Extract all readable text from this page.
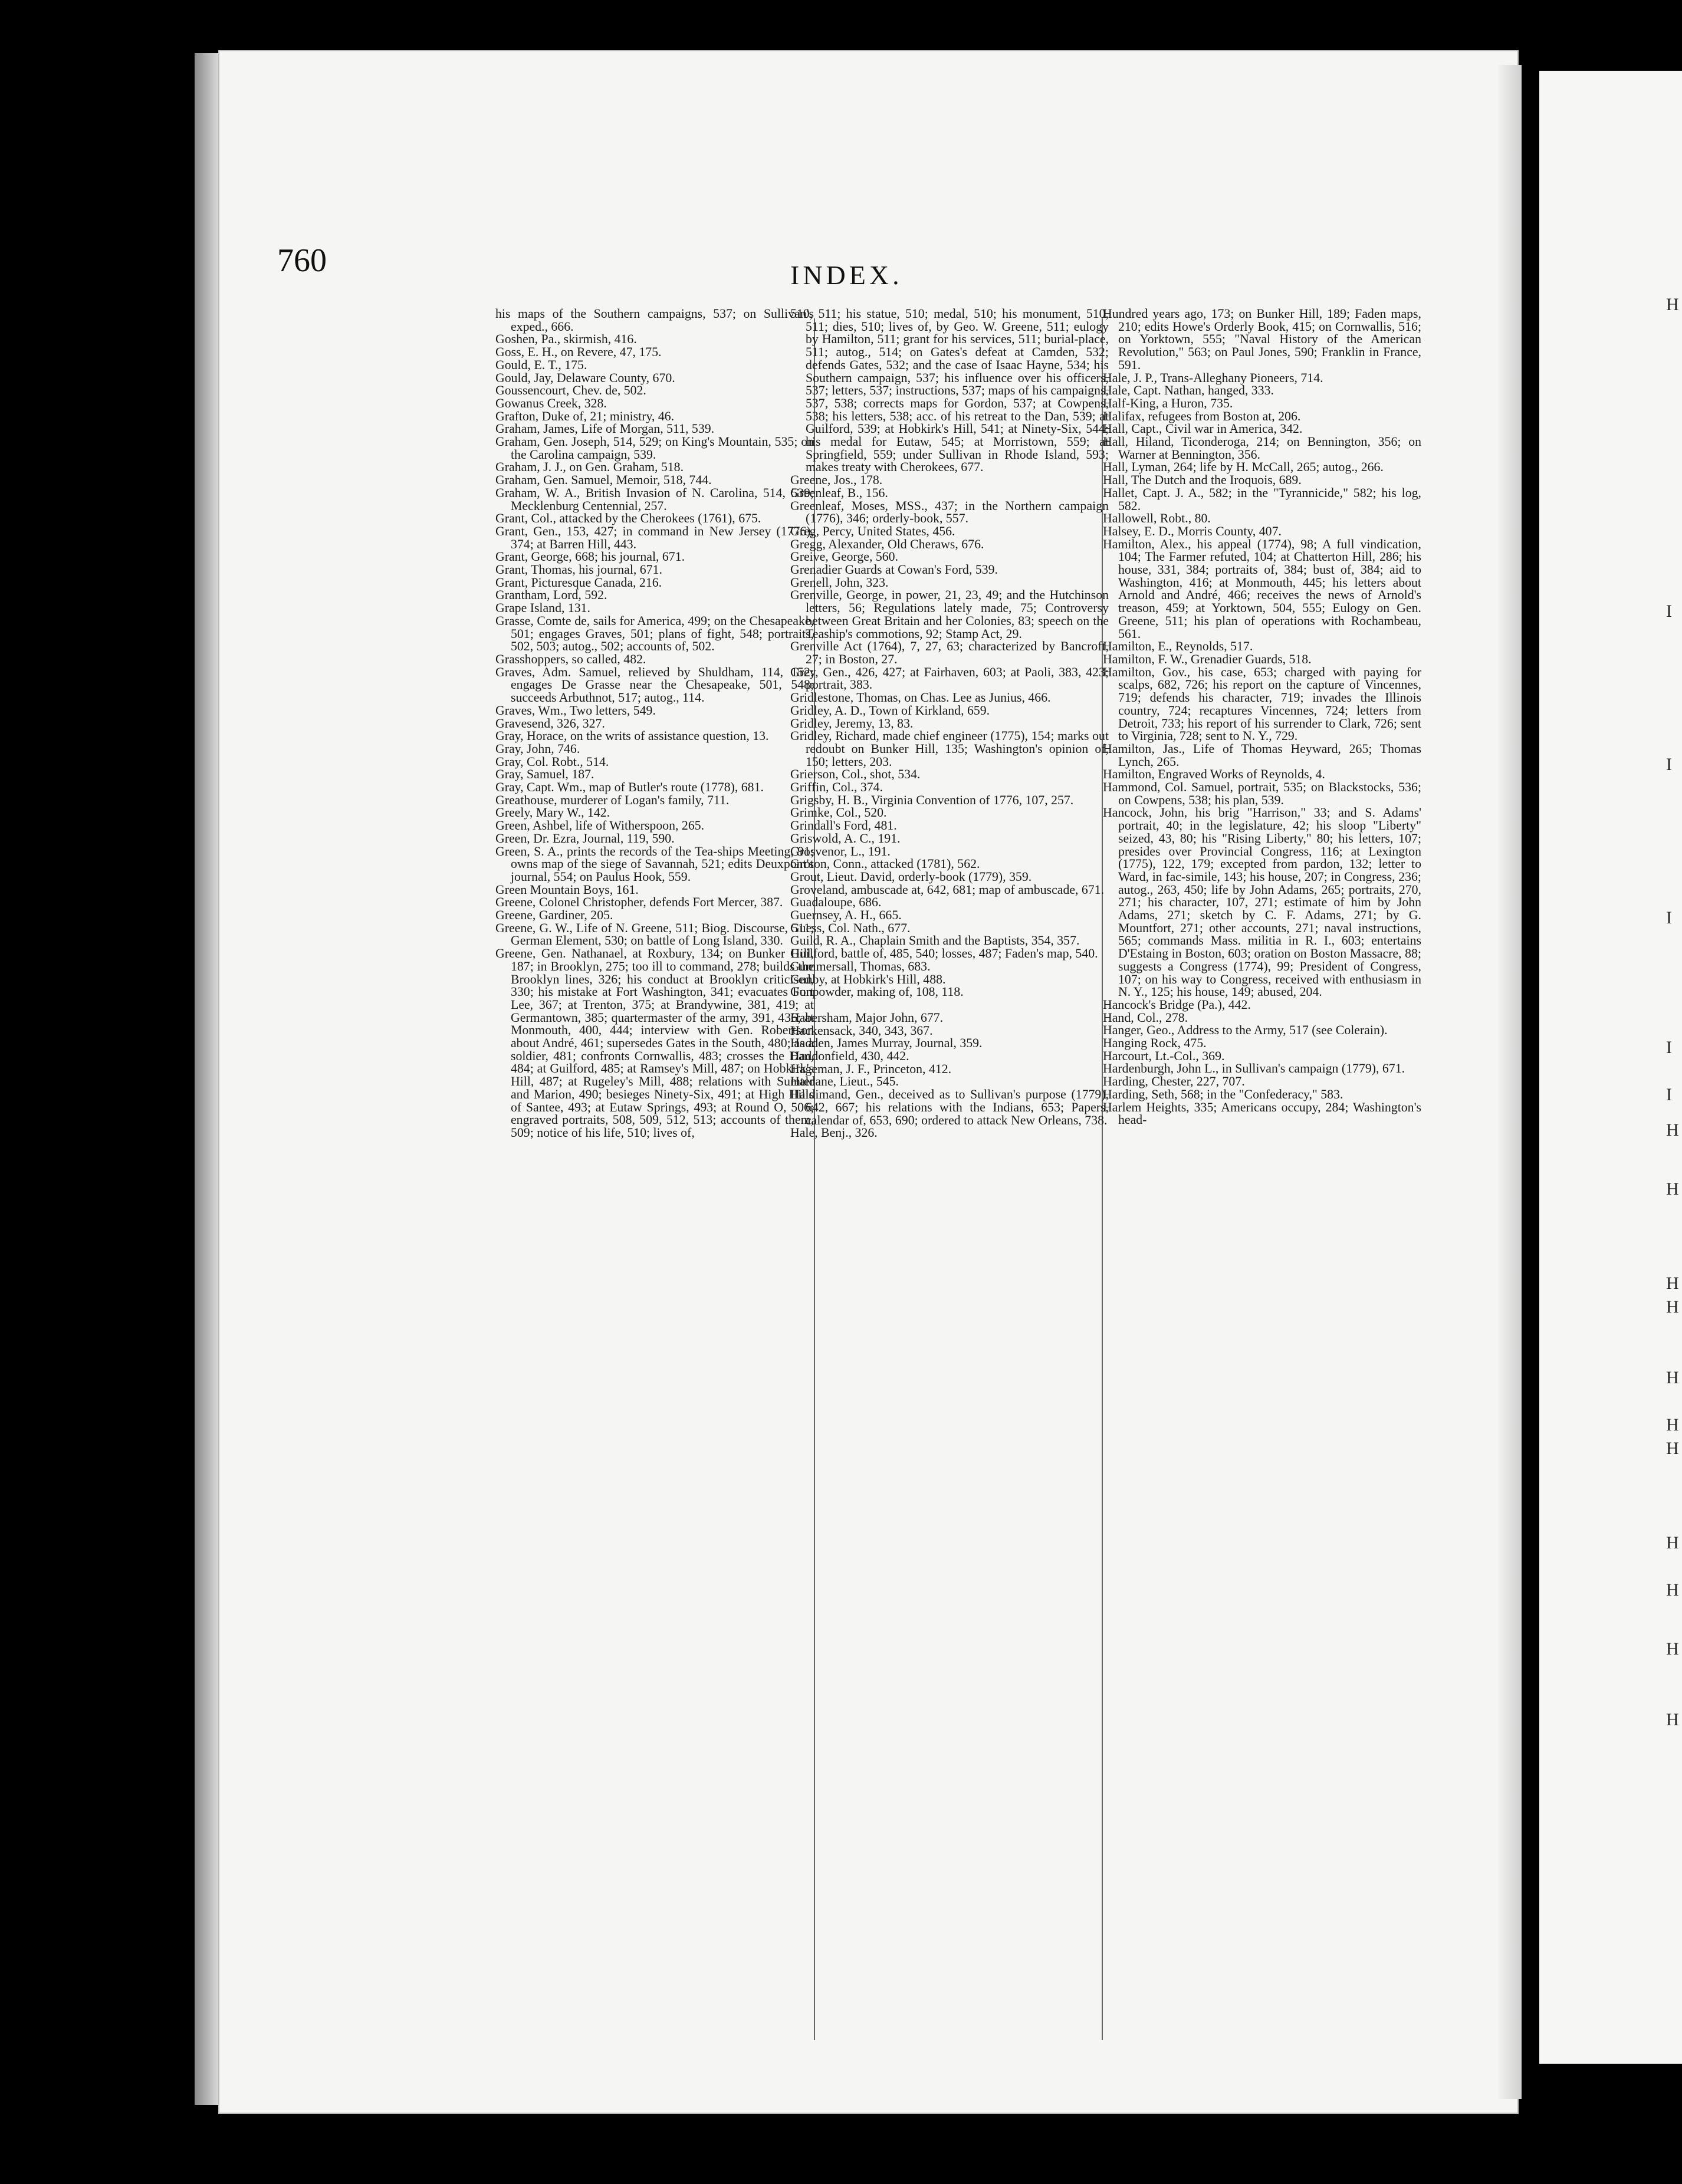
H
I
I
I
I
I
H
H
H
H
H
H
H
H
H
H
H
760	INDEX.

his maps of the Southern campaigns, 537; on Sullivan's exped., 666.

Goshen, Pa., skirmish, 416.

Goss, E. H., on Revere, 47, 175.

Gould, E. T., 175.

Gould, Jay, Delaware County, 670.

Goussencourt, Chev. de, 502.

Gowanus Creek, 328.

Grafton, Duke of, 21; ministry, 46.

Graham, James, Life of Morgan, 511, 539.

Graham, Gen. Joseph, 514, 529; on King's Mountain, 535; on the Carolina campaign, 539.

Graham, J. J., on Gen. Graham, 518.

Graham, Gen. Samuel, Memoir, 518, 744.

Graham, W. A., British Invasion of N. Carolina, 514, 539; Mecklenburg Centennial, 257.

Grant, Col., attacked by the Cherokees (1761), 675.

Grant, Gen., 153, 427; in command in New Jersey (1776), 374; at Barren Hill, 443.

Grant, George, 668; his journal, 671.

Grant, Thomas, his journal, 671.

Grant, Picturesque Canada, 216.

Grantham, Lord, 592.

Grape Island, 131.

Grasse, Comte de, sails for America, 499; on the Chesapeake, 501; engages Graves, 501; plans of fight, 548; portraits, 502, 503; autog., 502; accounts of, 502.

Grasshoppers, so called, 482.

Graves, Adm. Samuel, relieved by Shuldham, 114, 152; engages De Grasse near the Chesapeake, 501, 548; succeeds Arbuthnot, 517; autog., 114.

Graves, Wm., Two letters, 549.

Gravesend, 326, 327.

Gray, Horace, on the writs of assistance question, 13.

Gray, John, 746.

Gray, Col. Robt., 514.

Gray, Samuel, 187.

Gray, Capt. Wm., map of Butler's route (1778), 681.

Greathouse, murderer of Logan's family, 711.

Greely, Mary W., 142.

Green, Ashbel, life of Witherspoon, 265.

Green, Dr. Ezra, Journal, 119, 590.

Green, S. A., prints the records of the Tea-ships Meeting, 91; owns map of the siege of Savannah, 521; edits Deuxpont's journal, 554; on Paulus Hook, 559.

Green Mountain Boys, 161.

Greene, Colonel Christopher, defends Fort Mercer, 387.

Greene, Gardiner, 205.

Greene, G. W., Life of N. Greene, 511; Biog. Discourse, 511; German Element, 530; on battle of Long Island, 330.

Greene, Gen. Nathanael, at Roxbury, 134; on Bunker Hill, 187; in Brooklyn, 275; too ill to command, 278; builds the Brooklyn lines, 326; his conduct at Brooklyn criticised, 330; his mistake at Fort Washington, 341; evacuates Fort Lee, 367; at Trenton, 375; at Brandywine, 381, 419; at Germantown, 385; quartermaster of the army, 391, 436; at Monmouth, 400, 444; interview with Gen. Robertson about André, 461; supersedes Gates in the South, 480; as a soldier, 481; confronts Cornwallis, 483; crosses the Dan, 484; at Guilford, 485; at Ramsey's Mill, 487; on Hobkirk's Hill, 487; at Rugeley's Mill, 488; relations with Sumter and Marion, 490; besieges Ninety-Six, 491; at High Hills of Santee, 493; at Eutaw Springs, 493; at Round O, 506; engraved portraits, 508, 509, 512, 513; accounts of them, 509; notice of his life, 510; lives of,

510, 511; his statue, 510; medal, 510; his monument, 510, 511; dies, 510; lives of, by Geo. W. Greene, 511; eulogy by Hamilton, 511; grant for his services, 511; burial-place, 511; autog., 514; on Gates's defeat at Camden, 532; defends Gates, 532; and the case of Isaac Hayne, 534; his Southern campaign, 537; his influence over his officers, 537; letters, 537; instructions, 537; maps of his campaigns, 537, 538; corrects maps for Gordon, 537; at Cowpens, 538; his letters, 538; acc. of his retreat to the Dan, 539; at Guilford, 539; at Hobkirk's Hill, 541; at Ninety-Six, 544; his medal for Eutaw, 545; at Morristown, 559; at Springfield, 559; under Sullivan in Rhode Island, 593; makes treaty with Cherokees, 677.

Greene, Jos., 178.

Greenleaf, B., 156.

Greenleaf, Moses, MSS., 437; in the Northern campaign (1776), 346; orderly-book, 557.

Greg, Percy, United States, 456.

Gregg, Alexander, Old Cheraws, 676.

Greive, George, 560.

Grenadier Guards at Cowan's Ford, 539.

Grenell, John, 323.

Grenville, George, in power, 21, 23, 49; and the Hutchinson letters, 56; Regulations lately made, 75; Controversy between Great Britain and her Colonies, 83; speech on the Teaship's commotions, 92; Stamp Act, 29.

Grenville Act (1764), 7, 27, 63; characterized by Bancroft, 27; in Boston, 27.

Grey, Gen., 426, 427; at Fairhaven, 603; at Paoli, 383, 423; portrait, 383.

Gridlestone, Thomas, on Chas. Lee as Junius, 466.

Gridley, A. D., Town of Kirkland, 659.

Gridley, Jeremy, 13, 83.

Gridley, Richard, made chief engineer (1775), 154; marks out redoubt on Bunker Hill, 135; Washington's opinion of, 150; letters, 203.

Grierson, Col., shot, 534.

Griffin, Col., 374.

Grigsby, H. B., Virginia Convention of 1776, 107, 257.

Grimke, Col., 520.

Grindall's Ford, 481.

Griswold, A. C., 191.

Grosvenor, L., 191.

Groton, Conn., attacked (1781), 562.

Grout, Lieut. David, orderly-book (1779), 359.

Groveland, ambuscade at, 642, 681; map of ambuscade, 671.

Guadaloupe, 686.

Guernsey, A. H., 665.

Guess, Col. Nath., 677.

Guild, R. A., Chaplain Smith and the Baptists, 354, 357.

Guilford, battle of, 485, 540; losses, 487; Faden's map, 540.

Gummersall, Thomas, 683.

Gunby, at Hobkirk's Hill, 488.

Gunpowder, making of, 108, 118.

Habersham, Major John, 677.

Hackensack, 340, 343, 367.

Hadden, James Murray, Journal, 359.

Haddonfield, 430, 442.

Hageman, J. F., Princeton, 412.

Haldane, Lieut., 545.

Haldimand, Gen., deceived as to Sullivan's purpose (1779), 642, 667; his relations with the Indians, 653; Papers, calendar of, 653, 690; ordered to attack New Orleans, 738.

Hale, Benj., 326.

Hundred years ago, 173; on Bunker Hill, 189; Faden maps, 210; edits Howe's Orderly Book, 415; on Cornwallis, 516; on Yorktown, 555; "Naval History of the American Revolution," 563; on Paul Jones, 590; Franklin in France, 591.

Hale, J. P., Trans-Alleghany Pioneers, 714.

Hale, Capt. Nathan, hanged, 333.

Half-King, a Huron, 735.

Halifax, refugees from Boston at, 206.

Hall, Capt., Civil war in America, 342.

Hall, Hiland, Ticonderoga, 214; on Bennington, 356; on Warner at Bennington, 356.

Hall, Lyman, 264; life by H. McCall, 265; autog., 266.

Hall, The Dutch and the Iroquois, 689.

Hallet, Capt. J. A., 582; in the "Tyrannicide," 582; his log, 582.

Hallowell, Robt., 80.

Halsey, E. D., Morris County, 407.

Hamilton, Alex., his appeal (1774), 98; A full vindication, 104; The Farmer refuted, 104; at Chatterton Hill, 286; his house, 331, 384; portraits of, 384; bust of, 384; aid to Washington, 416; at Monmouth, 445; his letters about Arnold and André, 466; receives the news of Arnold's treason, 459; at Yorktown, 504, 555; Eulogy on Gen. Greene, 511; his plan of operations with Rochambeau, 561.

Hamilton, E., Reynolds, 517.

Hamilton, F. W., Grenadier Guards, 518.

Hamilton, Gov., his case, 653; charged with paying for scalps, 682, 726; his report on the capture of Vincennes, 719; defends his character, 719; invades the Illinois country, 724; recaptures Vincennes, 724; letters from Detroit, 733; his report of his surrender to Clark, 726; sent to Virginia, 728; sent to N. Y., 729.

Hamilton, Jas., Life of Thomas Heyward, 265; Thomas Lynch, 265.

Hamilton, Engraved Works of Reynolds, 4.

Hammond, Col. Samuel, portrait, 535; on Blackstocks, 536; on Cowpens, 538; his plan, 539.

Hancock, John, his brig "Harrison," 33; and S. Adams' portrait, 40; in the legislature, 42; his sloop "Liberty" seized, 43, 80; his "Rising Liberty," 80; his letters, 107; presides over Provincial Congress, 116; at Lexington (1775), 122, 179; excepted from pardon, 132; letter to Ward, in fac-simile, 143; his house, 207; in Congress, 236; autog., 263, 450; life by John Adams, 265; portraits, 270, 271; his character, 107, 271; estimate of him by John Adams, 271; sketch by C. F. Adams, 271; by G. Mountfort, 271; other accounts, 271; naval instructions, 565; commands Mass. militia in R. I., 603; entertains D'Estaing in Boston, 603; oration on Boston Massacre, 88; suggests a Congress (1774), 99; President of Congress, 107; on his way to Congress, received with enthusiasm in N. Y., 125; his house, 149; abused, 204.

Hancock's Bridge (Pa.), 442.

Hand, Col., 278.

Hanger, Geo., Address to the Army, 517 (see Colerain).

Hanging Rock, 475.

Harcourt, Lt.-Col., 369.

Hardenburgh, John L., in Sullivan's campaign (1779), 671.

Harding, Chester, 227, 707.

Harding, Seth, 568; in the "Confederacy," 583.

Harlem Heights, 335; Americans occupy, 284; Washington's head-
